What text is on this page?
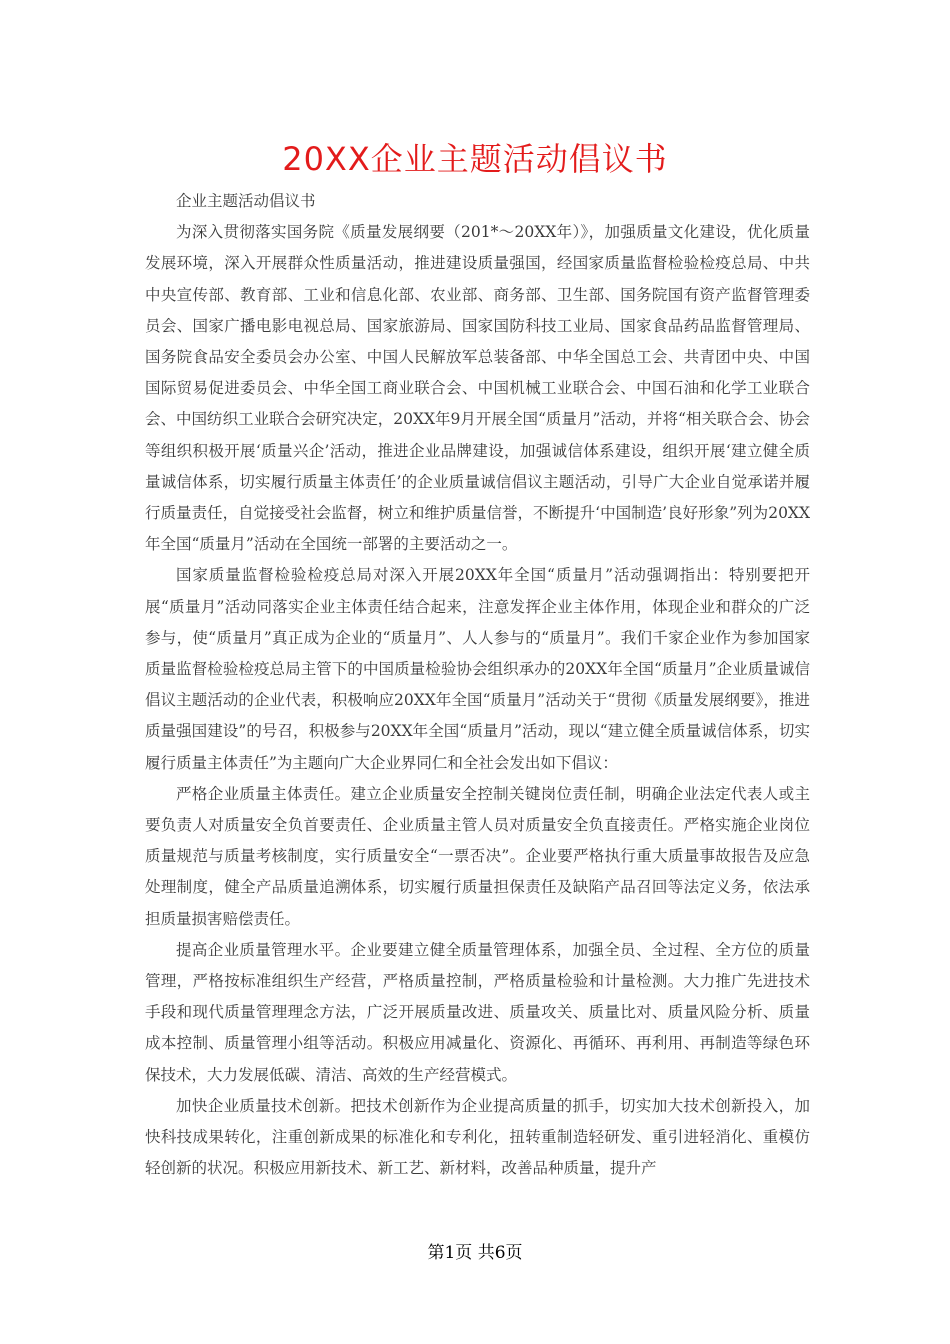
20XX企业主题活动倡议书

企业主题活动倡议书

为深入贯彻落实国务院《质量发展纲要（201*～20XX年）》，加强质量文化建设，优化质量发展环境，深入开展群众性质量活动，推进建设质量强国，经国家质量监督检验检疫总局、中共中央宣传部、教育部、工业和信息化部、农业部、商务部、卫生部、国务院国有资产监督管理委员会、国家广播电影电视总局、国家旅游局、国家国防科技工业局、国家食品药品监督管理局、国务院食品安全委员会办公室、中国人民解放军总装备部、中华全国总工会、共青团中央、中国国际贸易促进委员会、中华全国工商业联合会、中国机械工业联合会、中国石油和化学工业联合会、中国纺织工业联合会研究决定，20XX年9月开展全国“质量月”活动，并将“相关联合会、协会等组织积极开展‘质量兴企’活动，推进企业品牌建设，加强诚信体系建设，组织开展‘建立健全质量诚信体系，切实履行质量主体责任’的企业质量诚信倡议主题活动，引导广大企业自觉承诺并履行质量责任，自觉接受社会监督，树立和维护质量信誉，不断提升‘中国制造’良好形象”列为20XX年全国“质量月”活动在全国统一部署的主要活动之一。

国家质量监督检验检疫总局对深入开展20XX年全国“质量月”活动强调指出：特别要把开展“质量月”活动同落实企业主体责任结合起来，注意发挥企业主体作用，体现企业和群众的广泛参与，使“质量月”真正成为企业的“质量月”、人人参与的“质量月”。我们千家企业作为参加国家质量监督检验检疫总局主管下的中国质量检验协会组织承办的20XX年全国“质量月”企业质量诚信倡议主题活动的企业代表，积极响应20XX年全国“质量月”活动关于“贯彻《质量发展纲要》，推进质量强国建设”的号召，积极参与20XX年全国“质量月”活动，现以“建立健全质量诚信体系，切实履行质量主体责任”为主题向广大企业界同仁和全社会发出如下倡议：

严格企业质量主体责任。建立企业质量安全控制关键岗位责任制，明确企业法定代表人或主要负责人对质量安全负首要责任、企业质量主管人员对质量安全负直接责任。严格实施企业岗位质量规范与质量考核制度，实行质量安全“一票否决”。企业要严格执行重大质量事故报告及应急处理制度，健全产品质量追溯体系，切实履行质量担保责任及缺陷产品召回等法定义务，依法承担质量损害赔偿责任。

提高企业质量管理水平。企业要建立健全质量管理体系，加强全员、全过程、全方位的质量管理，严格按标准组织生产经营，严格质量控制，严格质量检验和计量检测。大力推广先进技术手段和现代质量管理理念方法，广泛开展质量改进、质量攻关、质量比对、质量风险分析、质量成本控制、质量管理小组等活动。积极应用减量化、资源化、再循环、再利用、再制造等绿色环保技术，大力发展低碳、清洁、高效的生产经营模式。

加快企业质量技术创新。把技术创新作为企业提高质量的抓手，切实加大技术创新投入，加快科技成果转化，注重创新成果的标准化和专利化，扭转重制造轻研发、重引进轻消化、重模仿轻创新的状况。积极应用新技术、新工艺、新材料，改善品种质量，提升产

第1页 共6页
